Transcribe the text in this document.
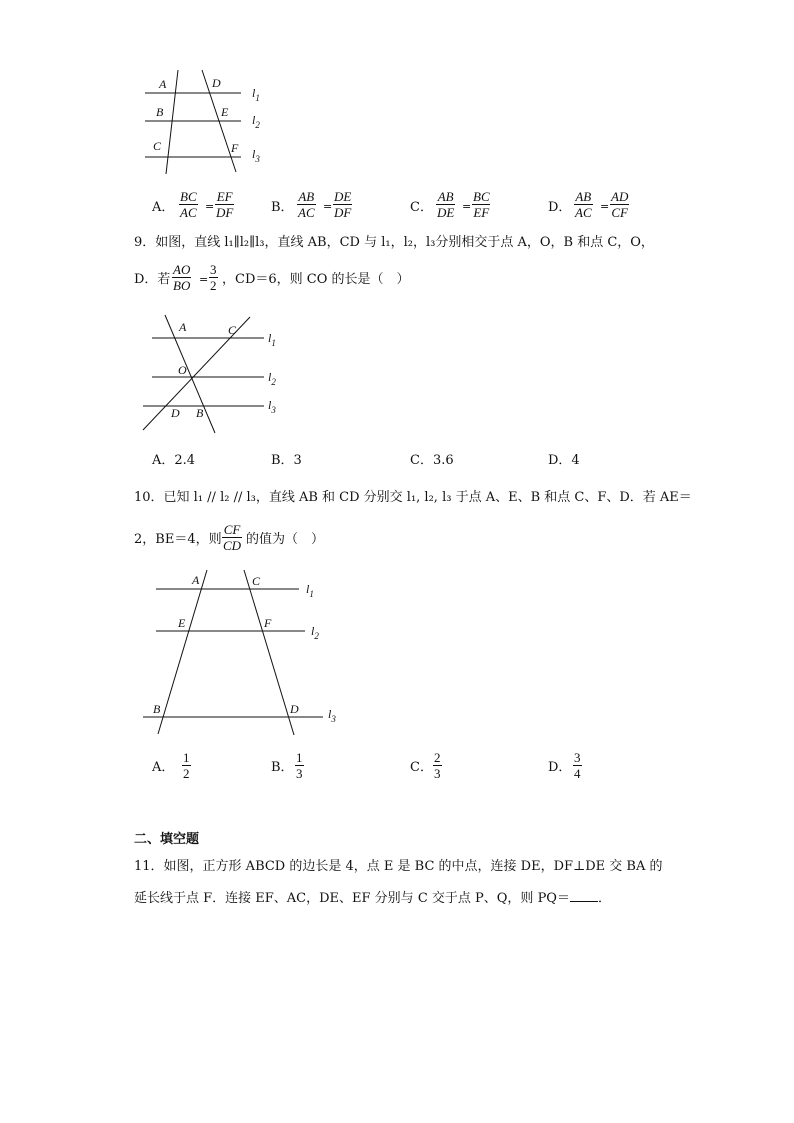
A	D
B	E
C	F
$l_1$
$l_2$
$l_3$
A． $\frac{BC}{AC} = \frac{EF}{DF}$	B． $\frac{AB}{AC} = \frac{DE}{DF}$	C． $\frac{AB}{DE} = \frac{BC}{EF}$	D． $\frac{AB}{AC} = \frac{AD}{CF}$
9．如图，直线 l₁∥l₂∥l₃，直线 AB，CD 与 l₁，l₂，l₃分别相交于点 A，O，B 和点 C，O，
D．若 $\frac{AO}{BO} = \frac{3}{2}$ ，CD＝6，则 CO 的长是（　）
A	C
O
D B
$l_1$
$l_2$
$l_3$
A．2.4	B．3	C．3.6	D．4
10．已知 l₁ // l₂ // l₃，直线 AB 和 CD 分别交 l₁, l₂, l₃ 于点 A、E、B 和点 C、F、D．若 AE＝
2，BE＝4，则 $\frac{CF}{CD}$ 的值为（　）
A	C
E	F
B	D
$l_1$
$l_2$
$l_3$
A． $\frac{1}{2}$	B． $\frac{1}{3}$	C． $\frac{2}{3}$	D． $\frac{3}{4}$
二、填空题
11．如图，正方形 ABCD 的边长是 4，点 E 是 BC 的中点，连接 DE，DF⊥DE 交 BA 的
延长线于点 F．连接 EF、AC，DE、EF 分别与 C 交于点 P、Q，则 PQ＝ ．
